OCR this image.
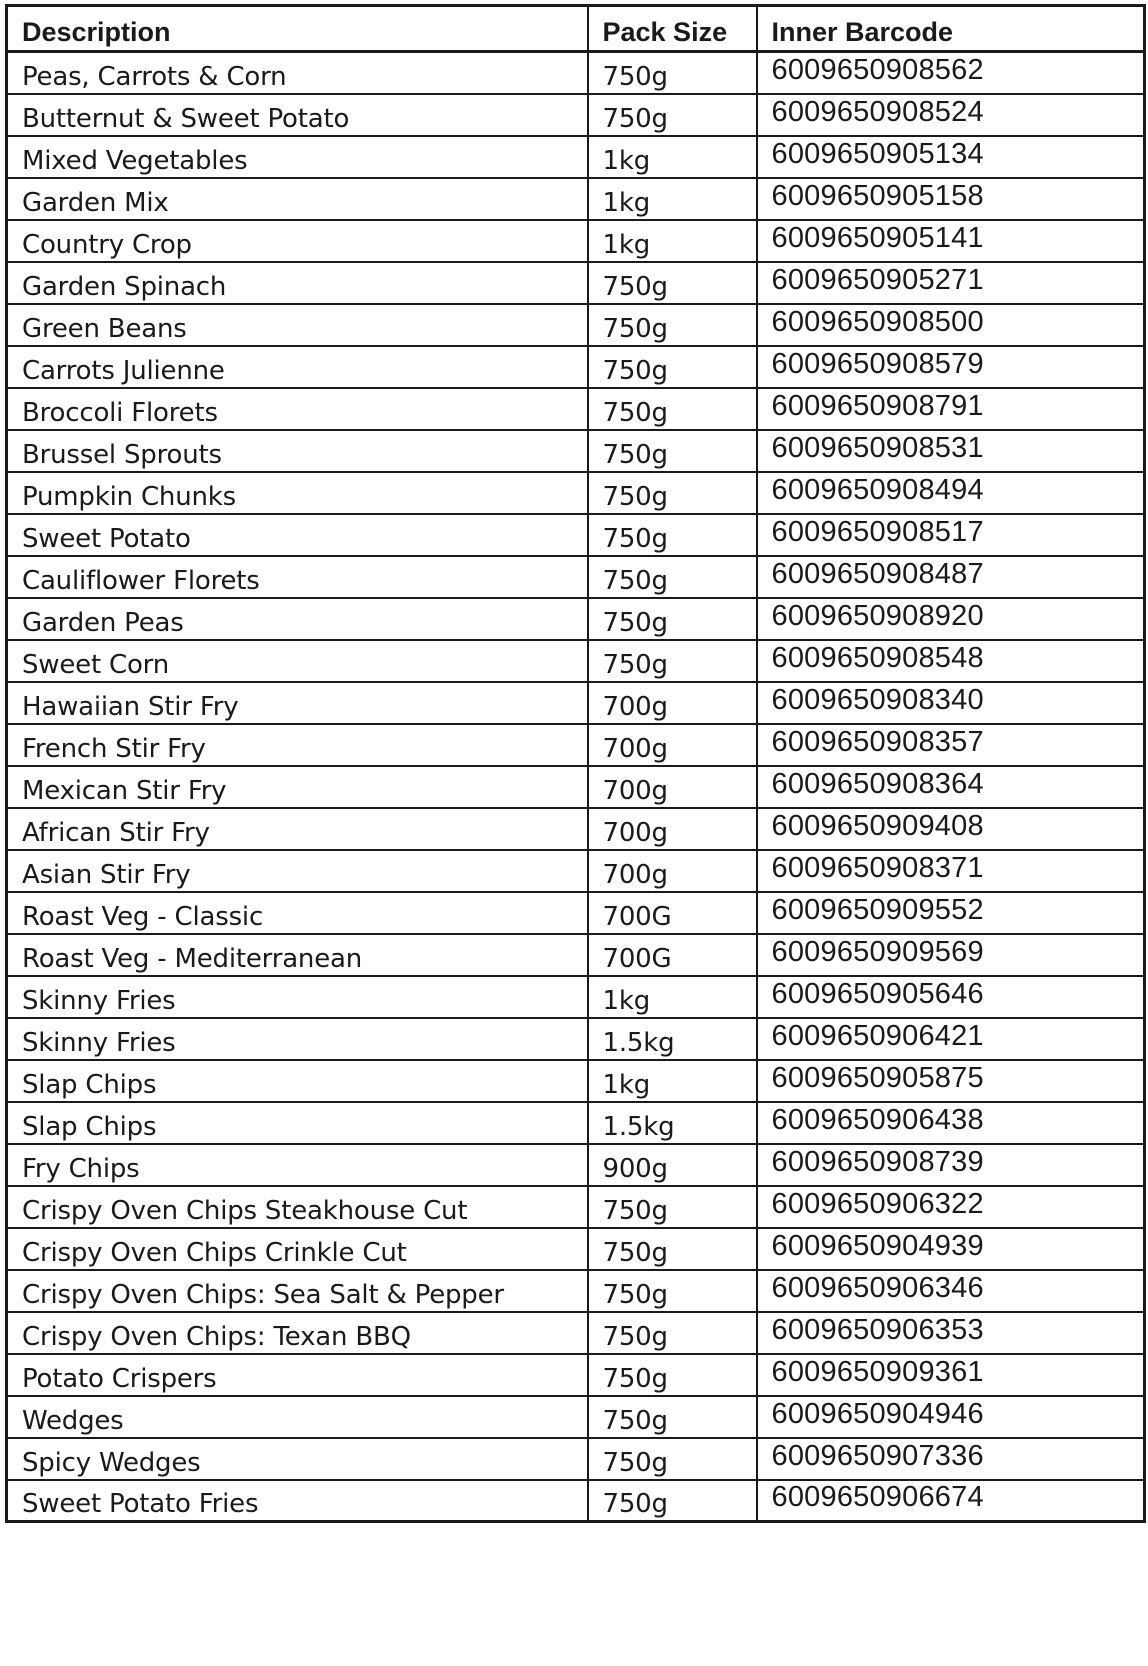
Description	Pack Size	Inner Barcode
Peas, Carrots & Corn	750g	6009650908562
Butternut & Sweet Potato	750g	6009650908524
Mixed Vegetables	1kg	6009650905134
Garden Mix	1kg	6009650905158
Country Crop	1kg	6009650905141
Garden Spinach	750g	6009650905271
Green Beans	750g	6009650908500
Carrots Julienne	750g	6009650908579
Broccoli Florets	750g	6009650908791
Brussel Sprouts	750g	6009650908531
Pumpkin Chunks	750g	6009650908494
Sweet Potato	750g	6009650908517
Cauliflower Florets	750g	6009650908487
Garden Peas	750g	6009650908920
Sweet Corn	750g	6009650908548
Hawaiian Stir Fry	700g	6009650908340
French Stir Fry	700g	6009650908357
Mexican Stir Fry	700g	6009650908364
African Stir Fry	700g	6009650909408
Asian Stir Fry	700g	6009650908371
Roast Veg - Classic	700G	6009650909552
Roast Veg - Mediterranean	700G	6009650909569
Skinny Fries	1kg	6009650905646
Skinny Fries	1.5kg	6009650906421
Slap Chips	1kg	6009650905875
Slap Chips	1.5kg	6009650906438
Fry Chips	900g	6009650908739
Crispy Oven Chips Steakhouse Cut	750g	6009650906322
Crispy Oven Chips Crinkle Cut	750g	6009650904939
Crispy Oven Chips: Sea Salt & Pepper	750g	6009650906346
Crispy Oven Chips: Texan BBQ	750g	6009650906353
Potato Crispers	750g	6009650909361
Wedges	750g	6009650904946
Spicy Wedges	750g	6009650907336
Sweet Potato Fries	750g	6009650906674
